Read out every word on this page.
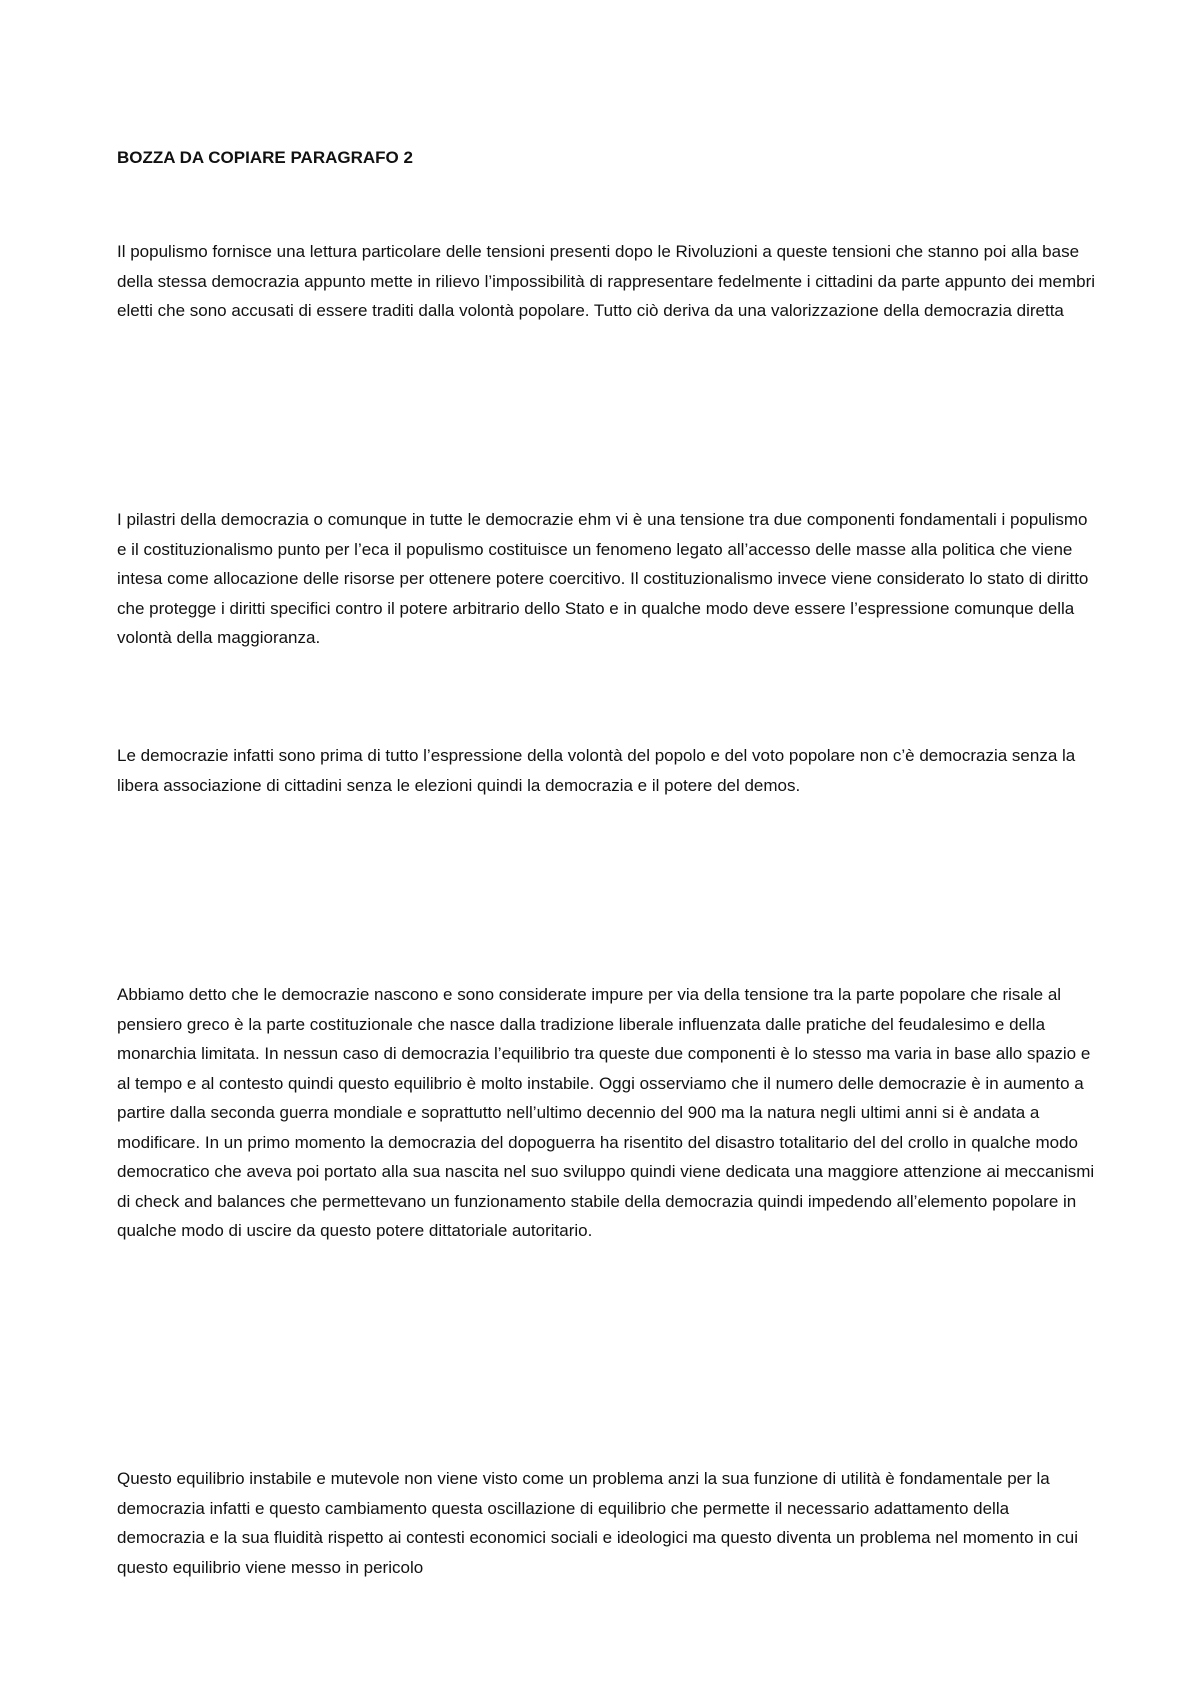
BOZZA DA COPIARE PARAGRAFO 2

Il populismo fornisce una lettura particolare delle tensioni presenti dopo le Rivoluzioni a queste tensioni che stanno poi alla base della stessa democrazia appunto mette in rilievo l’impossibilità di rappresentare fedelmente i cittadini da parte appunto dei membri eletti che sono accusati di essere traditi dalla volontà popolare. Tutto ciò deriva da una valorizzazione della democrazia diretta

I pilastri della democrazia o comunque in tutte le democrazie ehm vi è una tensione tra due componenti fondamentali i populismo e il costituzionalismo punto per l’eca il populismo costituisce un fenomeno legato all’accesso delle masse alla politica che viene intesa come allocazione delle risorse per ottenere potere coercitivo. Il costituzionalismo invece viene considerato lo stato di diritto che protegge i diritti specifici contro il potere arbitrario dello Stato e in qualche modo deve essere l’espressione comunque della volontà della maggioranza.

Le democrazie infatti sono prima di tutto l’espressione della volontà del popolo e del voto popolare non c’è democrazia senza la libera associazione di cittadini senza le elezioni quindi la democrazia e il potere del demos.

Abbiamo detto che le democrazie nascono e sono considerate impure per via della tensione tra la parte popolare che risale al pensiero greco è la parte costituzionale che nasce dalla tradizione liberale influenzata dalle pratiche del feudalesimo e della monarchia limitata. In nessun caso di democrazia l’equilibrio tra queste due componenti è lo stesso ma varia in base allo spazio e al tempo e al contesto quindi questo equilibrio è molto instabile. Oggi osserviamo che il numero delle democrazie è in aumento a partire dalla seconda guerra mondiale e soprattutto nell’ultimo decennio del 900 ma la natura negli ultimi anni si è andata a modificare. In un primo momento la democrazia del dopoguerra ha risentito del disastro totalitario del del crollo in qualche modo democratico che aveva poi portato alla sua nascita nel suo sviluppo quindi viene dedicata una maggiore attenzione ai meccanismi di check and balances che permettevano un funzionamento stabile della democrazia quindi impedendo all’elemento popolare in qualche modo di uscire da questo potere dittatoriale autoritario.

Questo equilibrio instabile e mutevole non viene visto come un problema anzi la sua funzione di utilità è fondamentale per la democrazia infatti e questo cambiamento questa oscillazione di equilibrio che permette il necessario adattamento della democrazia e la sua fluidità rispetto ai contesti economici sociali e ideologici ma questo diventa un problema nel momento in cui questo equilibrio viene messo in pericolo
